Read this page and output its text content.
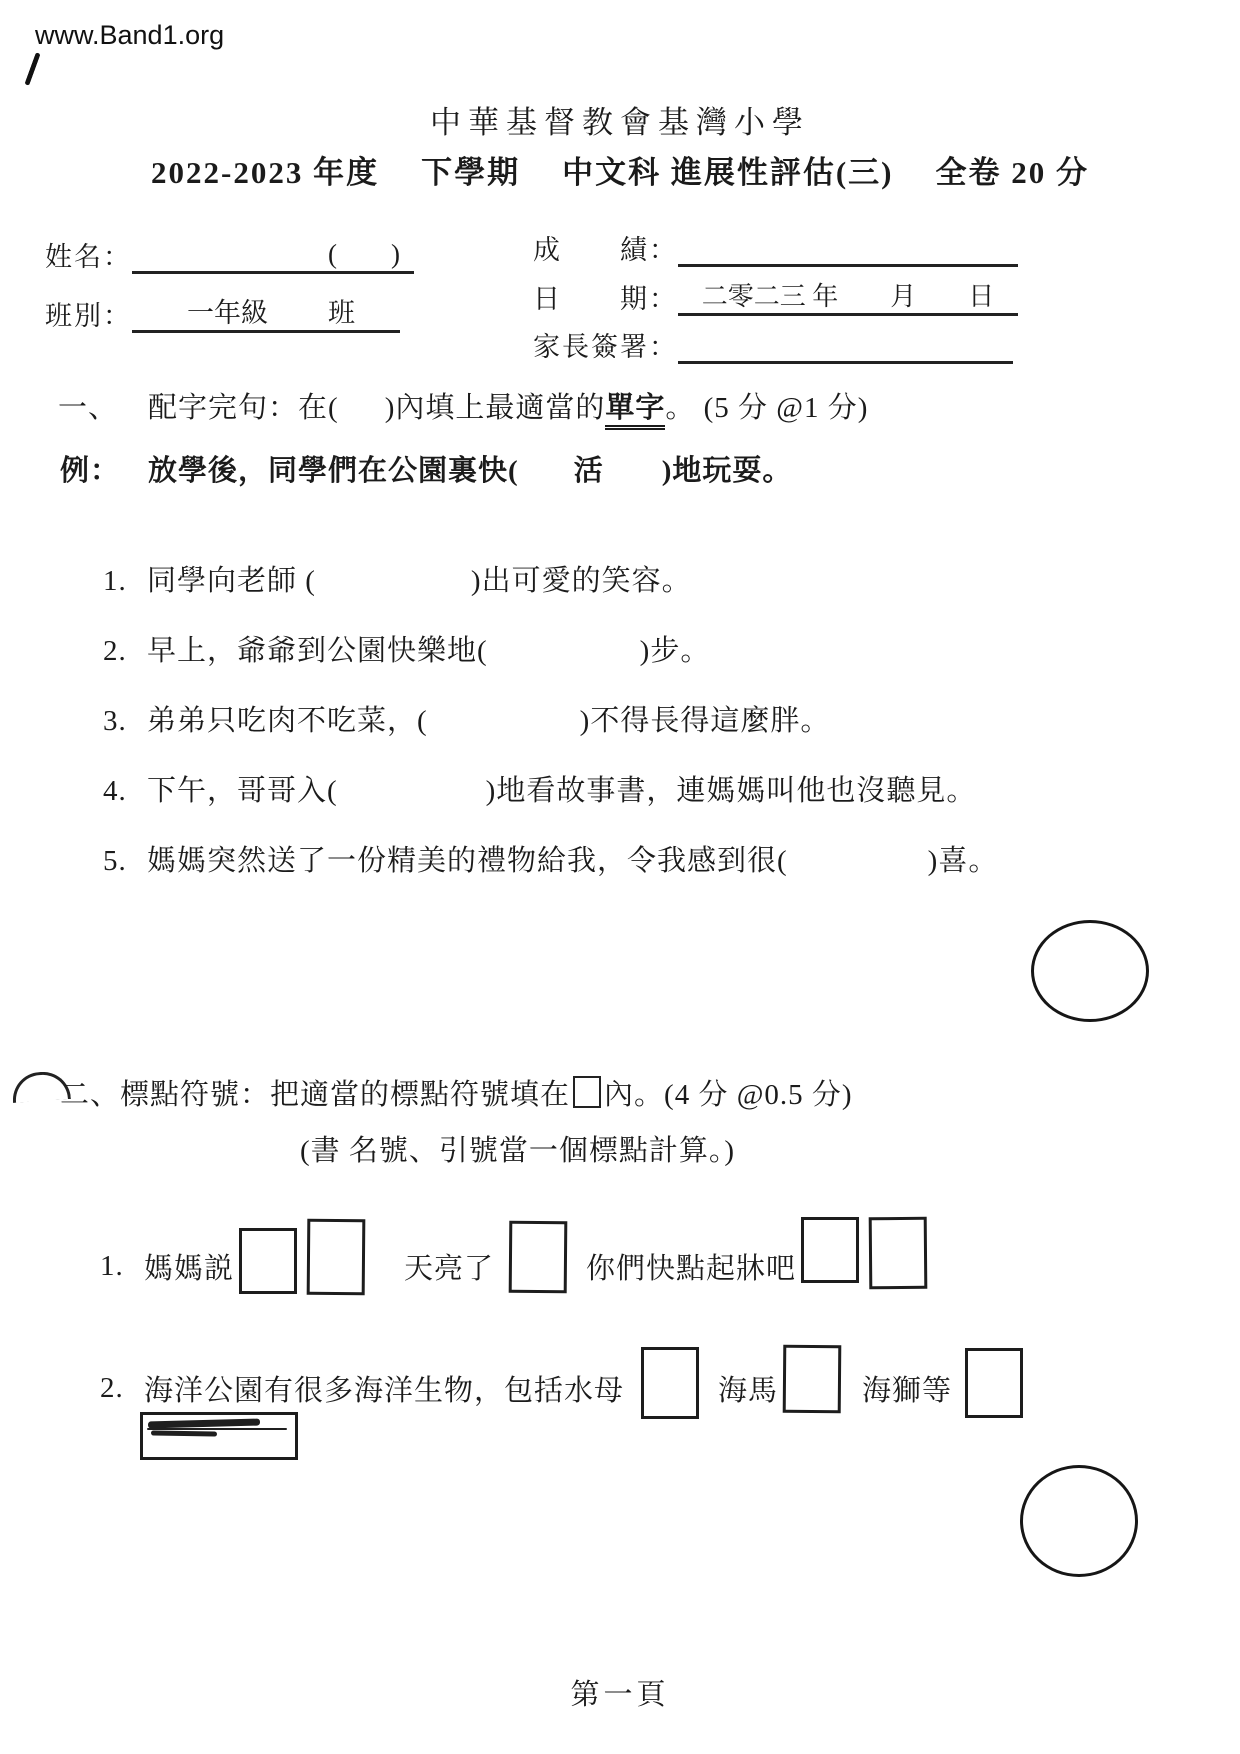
www.Band1.org
中華基督教會基灣小學
2022-2023 年度 下學期 中文科 進展性評估(三) 全卷 20 分
姓名：	(　　)
班別： 一年級 班
成　　績：
日　　期： 二零二三 年　　月　　日
家長簽署：
一、 配字完句：在( )內填上最適當的單字。 (5 分 @1 分)
例： 放學後，同學們在公園裏快( 活 )地玩耍。
1. 同學向老師 (	)出可愛的笑容。
2. 早上，爺爺到公園快樂地(	)步。
3. 弟弟只吃肉不吃菜，(	)不得長得這麼胖。
4. 下午，哥哥入(	)地看故事書，連媽媽叫他也沒聽見。
5. 媽媽突然送了一份精美的禮物給我，令我感到很(	)喜。
二、標點符號：把適當的標點符號填在 內。(4 分 @0.5 分)
(書 名號、引號當一個標點計算。)
1. 媽媽説	天亮了	你們快點起牀吧
2. 海洋公園有很多海洋生物，包括水母	海馬	海獅等
第一頁
